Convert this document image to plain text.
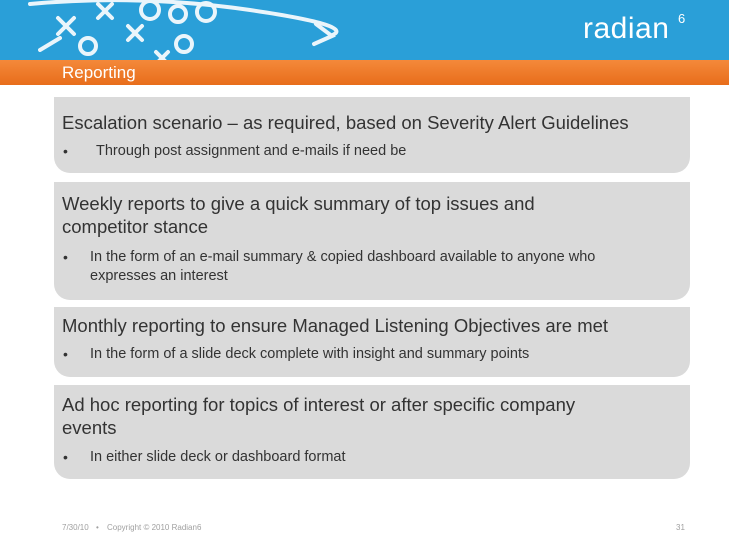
radian 6
Reporting
Escalation scenario – as required, based on Severity Alert Guidelines
• Through post assignment and e-mails if need be
Weekly reports to give a quick summary of top issues and
competitor stance
• In the form of an e-mail summary & copied dashboard available to anyone who
expresses an interest
Monthly reporting to ensure Managed Listening Objectives are met
• In the form of a slide deck complete with insight and summary points
Ad hoc reporting for topics of interest or after specific company
events
• In either slide deck or dashboard format
7/30/10 • Copyright © 2010 Radian6	31
